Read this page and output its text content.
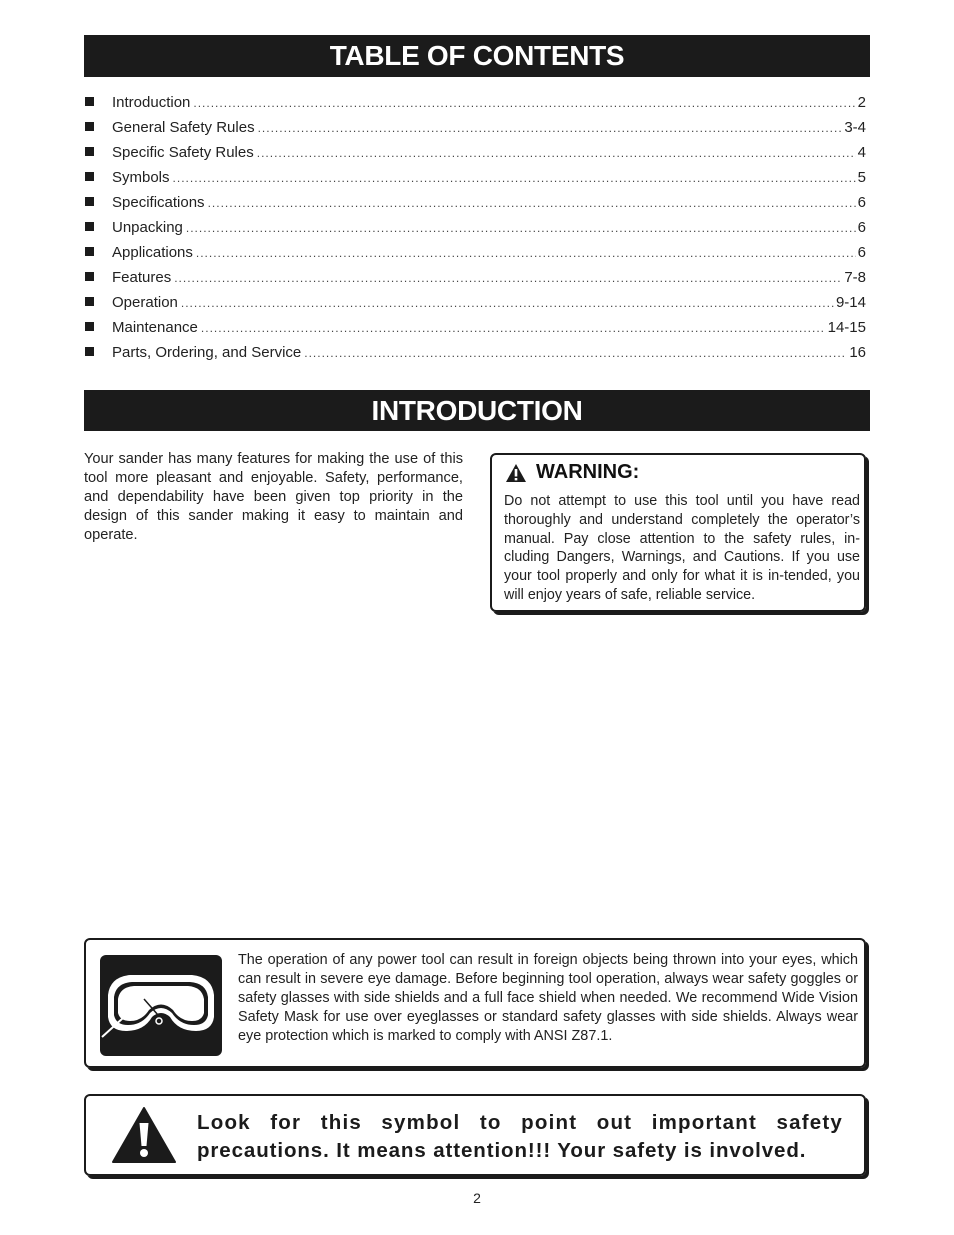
TABLE OF CONTENTS
Introduction .....	2
General Safety Rules .....	3-4
Specific Safety Rules .....	4
Symbols .....	5
Specifications .....	6
Unpacking .....	6
Applications .....	6
Features .....	7-8
Operation .....	9-14
Maintenance .....	14-15
Parts, Ordering, and Service .....	16
INTRODUCTION
Your sander has many features for making the use of this tool more pleasant and enjoyable. Safety, performance, and dependability have been given top priority in the design of this sander making it easy to maintain and operate.
WARNING:
Do not attempt to use this tool until you have read thoroughly and understand completely the operator’s manual. Pay close attention to the safety rules, in-cluding Dangers, Warnings, and Cautions. If you use your tool properly and only for what it is in-tended, you will enjoy years of safe, reliable service.
The operation of any power tool can result in foreign objects being thrown into your eyes, which can result in severe eye damage. Before beginning tool operation, always wear safety goggles or safety glasses with side shields and a full face shield when needed. We recommend Wide Vision Safety Mask for use over eyeglasses or standard safety glasses with side shields. Always wear eye protection which is marked to comply with ANSI Z87.1.
Look for this symbol to point out important safety
precautions. It means attention!!! Your safety is involved.
2
